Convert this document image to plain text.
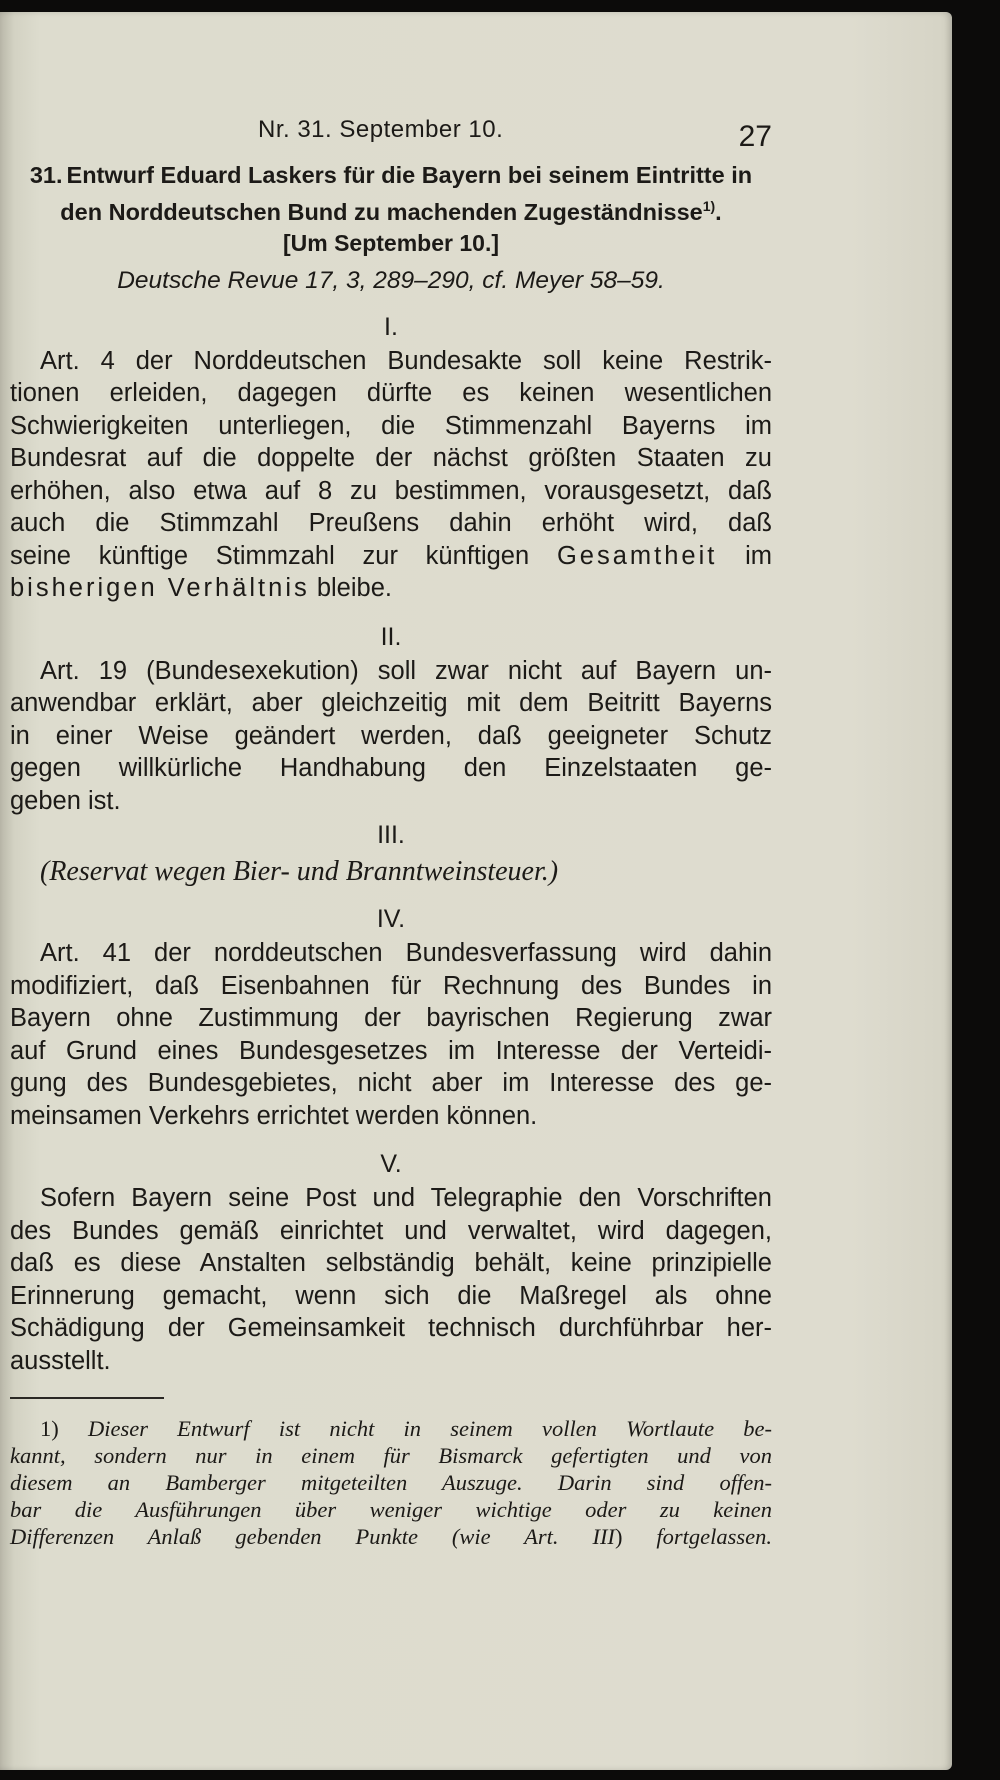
Nr. 31. September 10.	27
31. Entwurf Eduard Laskers für die Bayern bei seinem Eintritte in
den Norddeutschen Bund zu machenden Zugeständnisse$^{1)}$.
[Um September 10.]
Deutsche Revue 17, 3, 289–290, cf. Meyer 58–59.
I.
Art. 4 der Norddeutschen Bundesakte soll keine Restrik-
tionen erleiden, dagegen dürfte es keinen wesentlichen
Schwierigkeiten unterliegen, die Stimmenzahl Bayerns im
Bundesrat auf die doppelte der nächst größten Staaten zu
erhöhen, also etwa auf 8 zu bestimmen, vorausgesetzt, daß
auch die Stimmzahl Preußens dahin erhöht wird, daß
seine künftige Stimmzahl zur künftigen Gesamtheit im
bisherigen Verhältnis bleibe.
II.
Art. 19 (Bundesexekution) soll zwar nicht auf Bayern un-
anwendbar erklärt, aber gleichzeitig mit dem Beitritt Bayerns
in einer Weise geändert werden, daß geeigneter Schutz
gegen willkürliche Handhabung den Einzelstaaten ge-
geben ist.
III.
(Reservat wegen Bier- und Branntweinsteuer.)
IV.
Art. 41 der norddeutschen Bundesverfassung wird dahin
modifiziert, daß Eisenbahnen für Rechnung des Bundes in
Bayern ohne Zustimmung der bayrischen Regierung zwar
auf Grund eines Bundesgesetzes im Interesse der Verteidi-
gung des Bundesgebietes, nicht aber im Interesse des ge-
meinsamen Verkehrs errichtet werden können.
V.
Sofern Bayern seine Post und Telegraphie den Vorschriften
des Bundes gemäß einrichtet und verwaltet, wird dagegen,
daß es diese Anstalten selbständig behält, keine prinzipielle
Erinnerung gemacht, wenn sich die Maßregel als ohne
Schädigung der Gemeinsamkeit technisch durchführbar her-
ausstellt.
1) Dieser Entwurf ist nicht in seinem vollen Wortlaute be-
kannt, sondern nur in einem für Bismarck gefertigten und von
diesem an Bamberger mitgeteilten Auszuge. Darin sind offen-
bar die Ausführungen über weniger wichtige oder zu keinen
Differenzen Anlaß gebenden Punkte (wie Art. III) fortgelassen.
